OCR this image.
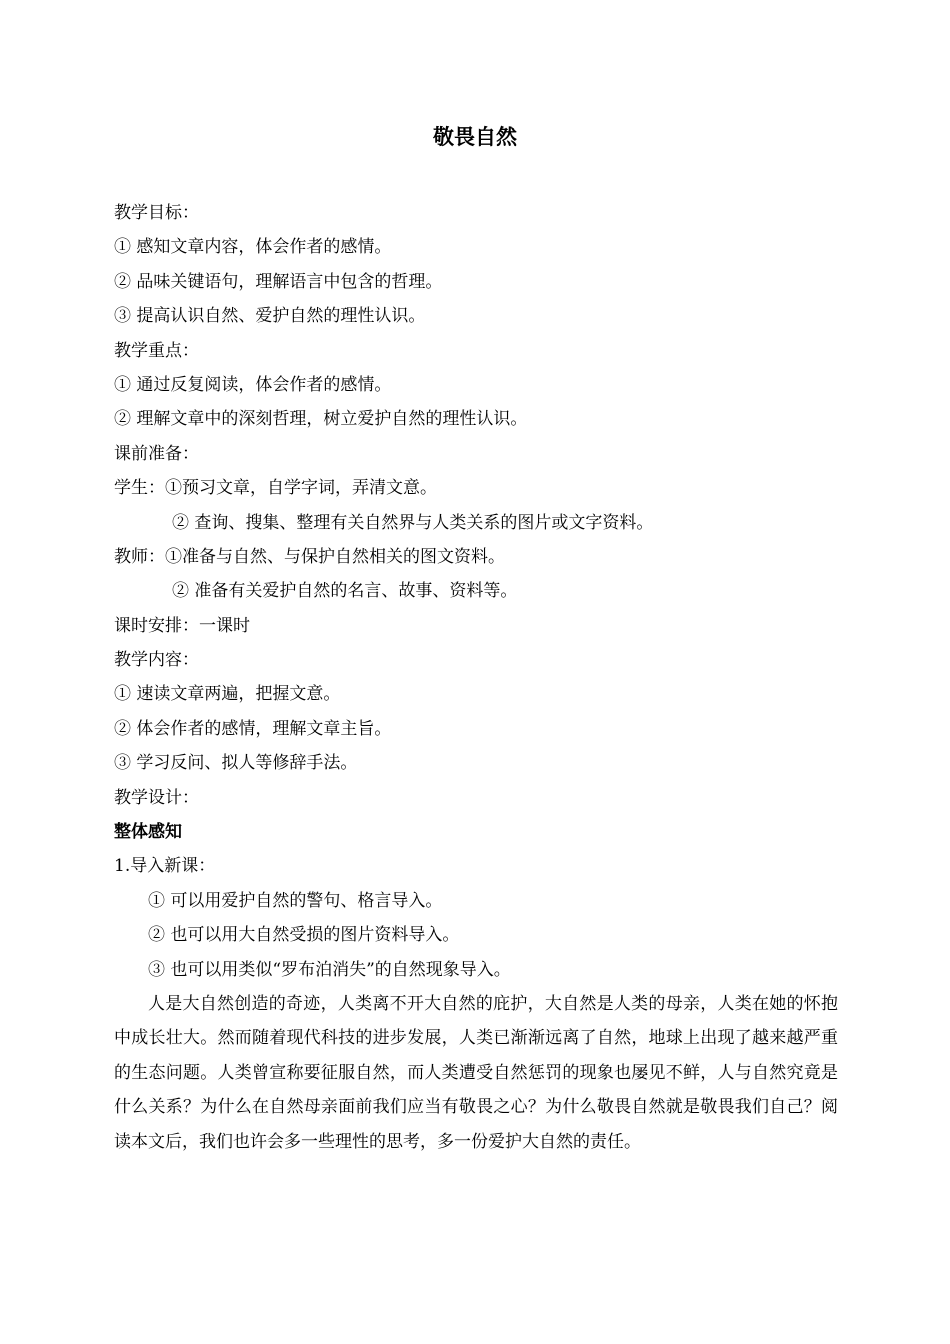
敬畏自然
教学目标：
① 感知文章内容，体会作者的感情。
② 品味关键语句，理解语言中包含的哲理。
③ 提高认识自然、爱护自然的理性认识。
教学重点：
① 通过反复阅读，体会作者的感情。
② 理解文章中的深刻哲理，树立爱护自然的理性认识。
课前准备：
学生：①预习文章，自学字词，弄清文意。
② 查询、搜集、整理有关自然界与人类关系的图片或文字资料。
教师：①准备与自然、与保护自然相关的图文资料。
② 准备有关爱护自然的名言、故事、资料等。
课时安排：一课时
教学内容：
① 速读文章两遍，把握文意。
② 体会作者的感情，理解文章主旨。
③ 学习反问、拟人等修辞手法。
教学设计：
整体感知
1.导入新课：
① 可以用爱护自然的警句、格言导入。
② 也可以用大自然受损的图片资料导入。
③ 也可以用类似“罗布泊消失”的自然现象导入。
人是大自然创造的奇迹，人类离不开大自然的庇护，大自然是人类的母亲，人类在她的怀抱中成长壮大。然而随着现代科技的进步发展，人类已渐渐远离了自然，地球上出现了越来越严重的生态问题。人类曾宣称要征服自然，而人类遭受自然惩罚的现象也屡见不鲜，人与自然究竟是什么关系？为什么在自然母亲面前我们应当有敬畏之心？为什么敬畏自然就是敬畏我们自己？阅读本文后，我们也许会多一些理性的思考，多一份爱护大自然的责任。
